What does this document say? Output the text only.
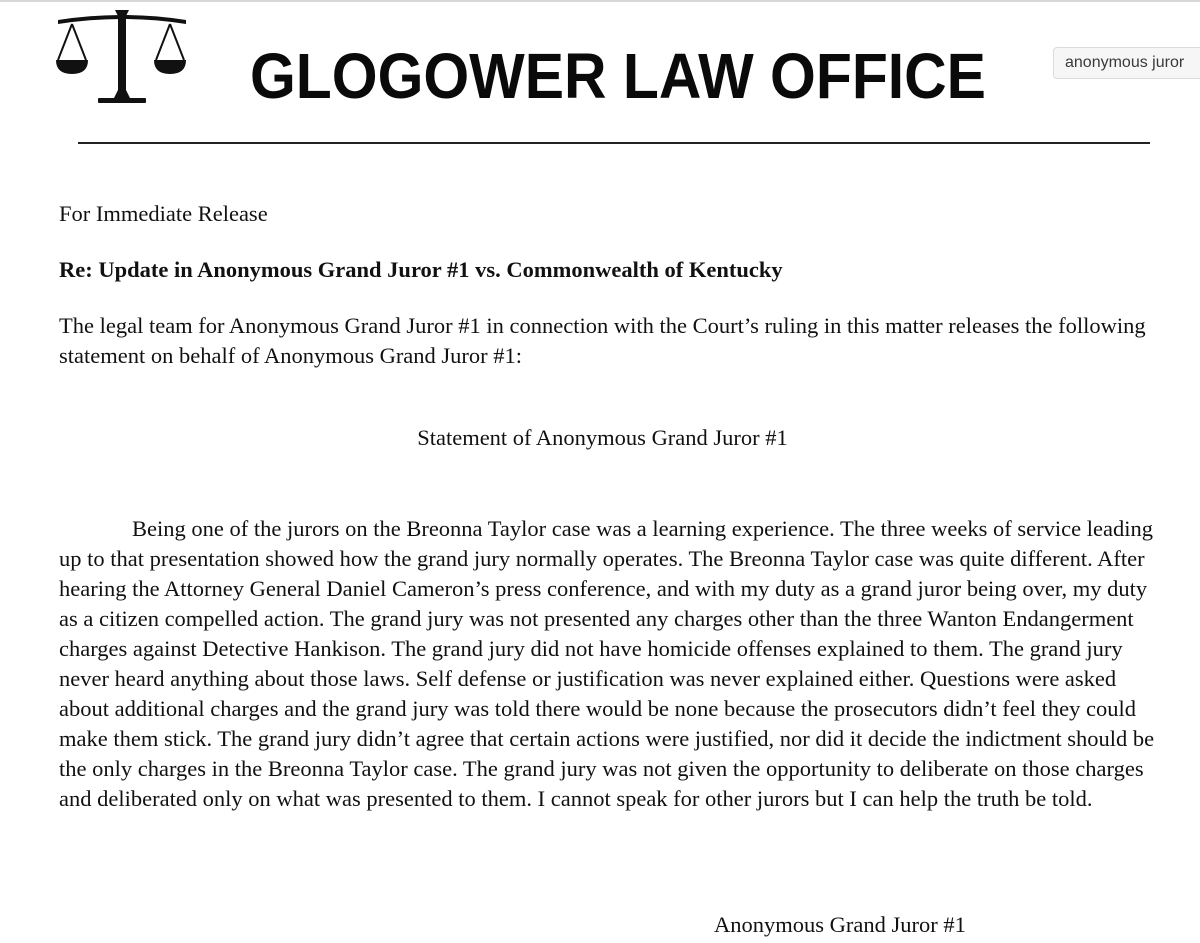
GLOGOWER LAW OFFICE	anonymous juror
For Immediate Release
Re: Update in Anonymous Grand Juror #1 vs. Commonwealth of Kentucky
The legal team for Anonymous Grand Juror #1 in connection with the Court’s ruling in this matter releases the following statement on behalf of Anonymous Grand Juror #1:
Statement of Anonymous Grand Juror #1
Being one of the jurors on the Breonna Taylor case was a learning experience. The three weeks of service leading up to that presentation showed how the grand jury normally operates. The Breonna Taylor case was quite different. After hearing the Attorney General Daniel Cameron’s press conference, and with my duty as a grand juror being over, my duty as a citizen compelled action. The grand jury was not presented any charges other than the three Wanton Endangerment charges against Detective Hankison. The grand jury did not have homicide offenses explained to them. The grand jury never heard anything about those laws. Self defense or justification was never explained either. Questions were asked about additional charges and the grand jury was told there would be none because the prosecutors didn’t feel they could make them stick. The grand jury didn’t agree that certain actions were justified, nor did it decide the indictment should be the only charges in the Breonna Taylor case. The grand jury was not given the opportunity to deliberate on those charges and deliberated only on what was presented to them. I cannot speak for other jurors but I can help the truth be told.
Anonymous Grand Juror #1
